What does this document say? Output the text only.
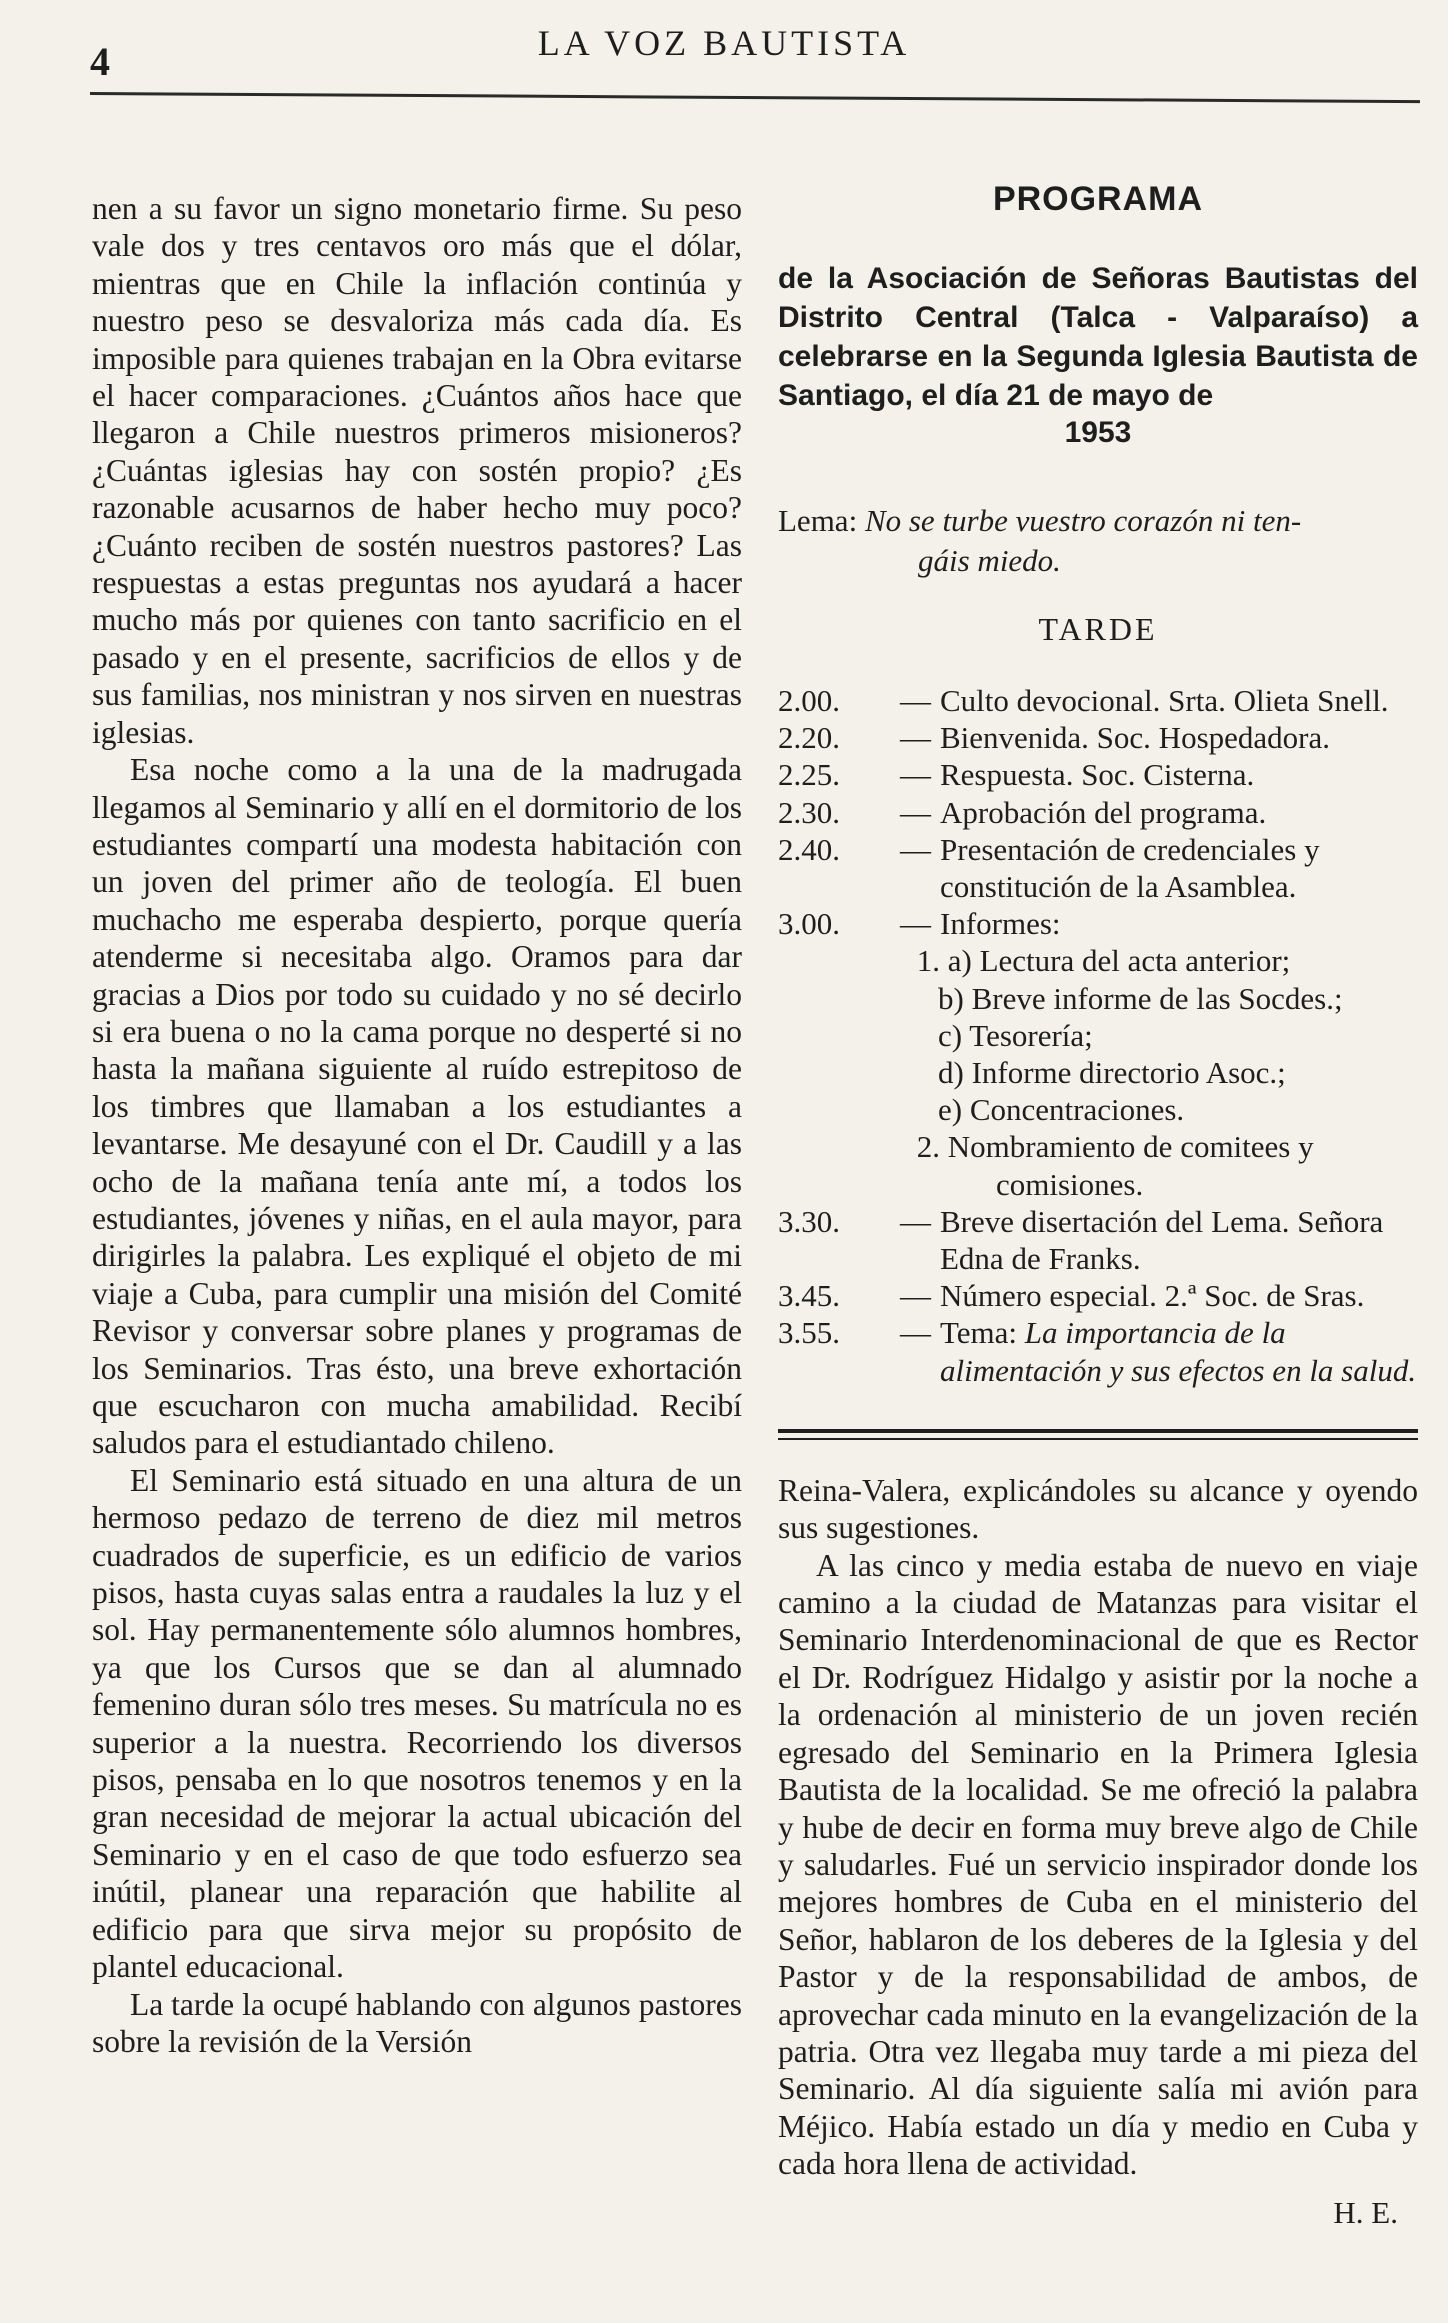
4	LA VOZ BAUTISTA

nen a su favor un signo monetario firme. Su peso vale dos y tres centavos oro más que el dólar, mientras que en Chile la inflación continúa y nuestro peso se desvaloriza más cada día. Es imposible para quienes trabajan en la Obra evitarse el hacer comparaciones. ¿Cuántos años hace que llegaron a Chile nuestros primeros misioneros? ¿Cuántas iglesias hay con sostén propio? ¿Es razonable acusarnos de haber hecho muy poco? ¿Cuánto reciben de sostén nuestros pastores? Las respuestas a estas preguntas nos ayudará a hacer mucho más por quienes con tanto sacrificio en el pasado y en el presente, sacrificios de ellos y de sus familias, nos ministran y nos sirven en nuestras iglesias.

Esa noche como a la una de la madrugada llegamos al Seminario y allí en el dormitorio de los estudiantes compartí una modesta habitación con un joven del primer año de teología. El buen muchacho me esperaba despierto, porque quería atenderme si necesitaba algo. Oramos para dar gracias a Dios por todo su cuidado y no sé decirlo si era buena o no la cama porque no desperté si no hasta la mañana siguiente al ruído estrepitoso de los timbres que llamaban a los estudiantes a levantarse. Me desayuné con el Dr. Caudill y a las ocho de la mañana tenía ante mí, a todos los estudiantes, jóvenes y niñas, en el aula mayor, para dirigirles la palabra. Les expliqué el objeto de mi viaje a Cuba, para cumplir una misión del Comité Revisor y conversar sobre planes y programas de los Seminarios. Tras ésto, una breve exhortación que escucharon con mucha amabilidad. Recibí saludos para el estudiantado chileno.

El Seminario está situado en una altura de un hermoso pedazo de terreno de diez mil metros cuadrados de superficie, es un edificio de varios pisos, hasta cuyas salas entra a raudales la luz y el sol. Hay permanentemente sólo alumnos hombres, ya que los Cursos que se dan al alumnado femenino duran sólo tres meses. Su matrícula no es superior a la nuestra. Recorriendo los diversos pisos, pensaba en lo que nosotros tenemos y en la gran necesidad de mejorar la actual ubicación del Seminario y en el caso de que todo esfuerzo sea inútil, planear una reparación que habilite al edificio para que sirva mejor su propósito de plantel educacional.

La tarde la ocupé hablando con algunos pastores sobre la revisión de la Versión

PROGRAMA

de la Asociación de Señoras Bautistas del Distrito Central (Talca - Valparaíso) a celebrarse en la Segunda Iglesia Bautista de Santiago, el día 21 de mayo de

1953

Lema: No se turbe vuestro corazón ni ten-
gáis miedo.

TARDE
2.00.	— Culto devocional. Srta. Olieta Snell.
2.20.	— Bienvenida. Soc. Hospedadora.
2.25.	— Respuesta. Soc. Cisterna.
2.30.	— Aprobación del programa.
2.40.	— Presentación de credenciales y constitución de la Asamblea.
3.00.	— Informes:
1. a) Lectura del acta anterior;
b) Breve informe de las Socdes.;
c) Tesorería;
d) Informe directorio Asoc.;
e) Concentraciones.
2. Nombramiento de comitees y
comisiones.
3.30.	— Breve disertación del Lema. Señora Edna de Franks.
3.45.	— Número especial. 2.ª Soc. de Sras.
3.55.	— Tema: La importancia de la alimentación y sus efectos en la salud.

Reina-Valera, explicándoles su alcance y oyendo sus sugestiones.

A las cinco y media estaba de nuevo en viaje camino a la ciudad de Matanzas para visitar el Seminario Interdenominacional de que es Rector el Dr. Rodríguez Hidalgo y asistir por la noche a la ordenación al ministerio de un joven recién egresado del Seminario en la Primera Iglesia Bautista de la localidad. Se me ofreció la palabra y hube de decir en forma muy breve algo de Chile y saludarles. Fué un servicio inspirador donde los mejores hombres de Cuba en el ministerio del Señor, hablaron de los deberes de la Iglesia y del Pastor y de la responsabilidad de ambos, de aprovechar cada minuto en la evangelización de la patria. Otra vez llegaba muy tarde a mi pieza del Seminario. Al día siguiente salía mi avión para Méjico. Había estado un día y medio en Cuba y cada hora llena de actividad.

H. E.
